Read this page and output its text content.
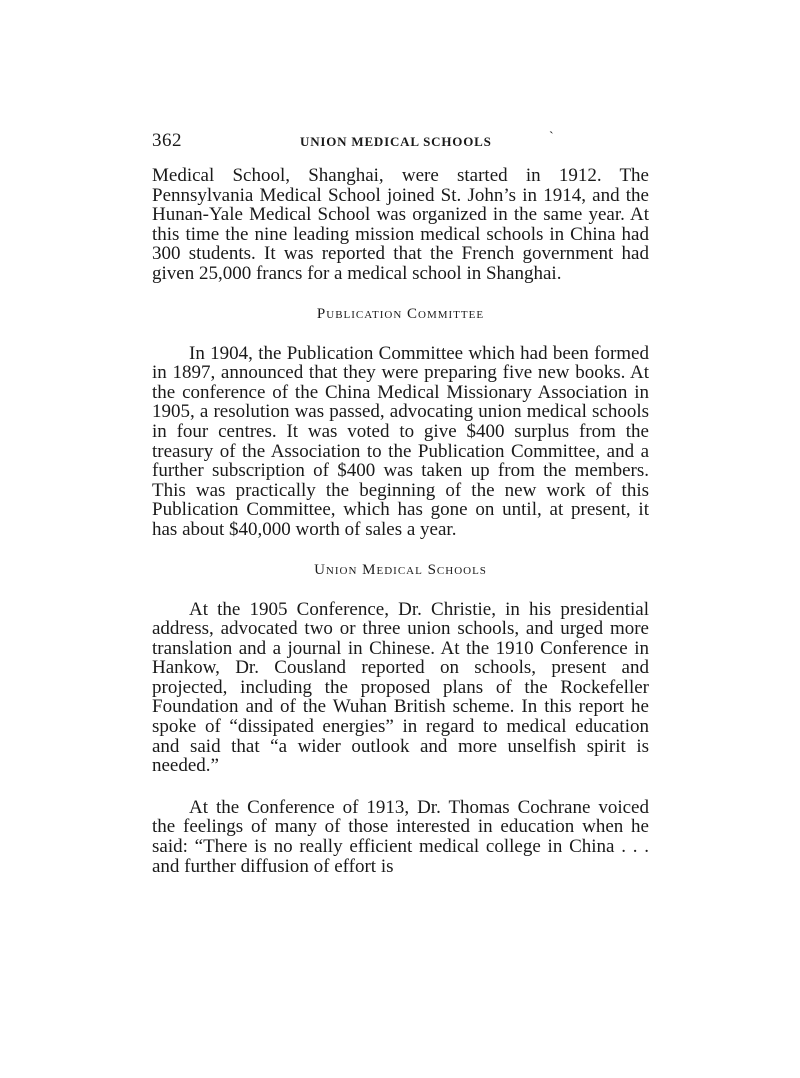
362	UNION MEDICAL SCHOOLS	ˋ

Medical School, Shanghai, were started in 1912. The Pennsylvania Medical School joined St. John’s in 1914, and the Hunan-Yale Medical School was organized in the same year. At this time the nine leading mission medical schools in China had 300 students. It was reported that the French government had given 25,000 francs for a medical school in Shanghai.

Publication Committee

In 1904, the Publication Committee which had been formed in 1897, announced that they were preparing five new books. At the conference of the China Medical Missionary Association in 1905, a resolution was passed, advocating union medical schools in four centres. It was voted to give $400 surplus from the treasury of the Association to the Publication Committee, and a further subscription of $400 was taken up from the members. This was practically the beginning of the new work of this Publication Committee, which has gone on until, at present, it has about $40,000 worth of sales a year.

Union Medical Schools

At the 1905 Conference, Dr. Christie, in his presidential address, advocated two or three union schools, and urged more translation and a journal in Chinese. At the 1910 Conference in Hankow, Dr. Cousland reported on schools, present and projected, including the proposed plans of the Rockefeller Foundation and of the Wuhan British scheme. In this report he spoke of “dissipated energies” in regard to medical education and said that “a wider outlook and more unselfish spirit is needed.”

At the Conference of 1913, Dr. Thomas Cochrane voiced the feelings of many of those interested in education when he said: “There is no really efficient medical college in China . . . and further diffusion of effort is
